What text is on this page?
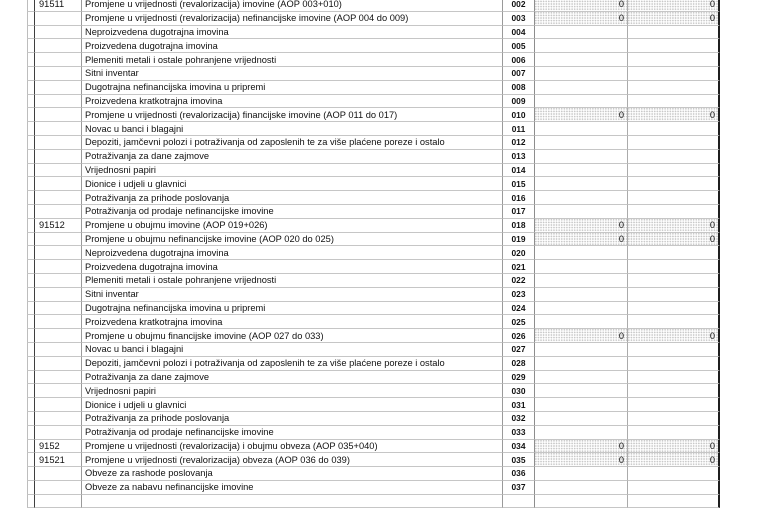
91511	Promjene u vrijednosti (revalorizacija) imovine (AOP 003+010)	002	0	0
Promjene u vrijednosti (revalorizacija) nefinancijske imovine (AOP 004 do 009)	003	0	0
Neproizvedena dugotrajna imovina	004
Proizvedena dugotrajna imovina	005
Plemeniti metali i ostale pohranjene vrijednosti	006
Sitni inventar	007
Dugotrajna nefinancijska imovina u pripremi	008
Proizvedena kratkotrajna imovina	009
Promjene u vrijednosti (revalorizacija) financijske imovine (AOP 011 do 017)	010	0	0
Novac u banci i blagajni	011
Depoziti, jamčevni polozi i potraživanja od zaposlenih te za više plaćene poreze i ostalo	012
Potraživanja za dane zajmove	013
Vrijednosni papiri	014
Dionice i udjeli u glavnici	015
Potraživanja za prihode poslovanja	016
Potraživanja od prodaje nefinancijske imovine	017
91512	Promjene u obujmu imovine (AOP 019+026)	018	0	0
Promjene u obujmu nefinancijske imovine (AOP 020 do 025)	019	0	0
Neproizvedena dugotrajna imovina	020
Proizvedena dugotrajna imovina	021
Plemeniti metali i ostale pohranjene vrijednosti	022
Sitni inventar	023
Dugotrajna nefinancijska imovina u pripremi	024
Proizvedena kratkotrajna imovina	025
Promjene u obujmu financijske imovine (AOP 027 do 033)	026	0	0
Novac u banci i blagajni	027
Depoziti, jamčevni polozi i potraživanja od zaposlenih te za više plaćene poreze i ostalo	028
Potraživanja za dane zajmove	029
Vrijednosni papiri	030
Dionice i udjeli u glavnici	031
Potraživanja za prihode poslovanja	032
Potraživanja od prodaje nefinancijske imovine	033
9152	Promjene u vrijednosti (revalorizacija) i obujmu obveza (AOP 035+040)	034	0	0
91521	Promjene u vrijednosti (revalorizacija) obveza (AOP 036 do 039)	035	0	0
Obveze za rashode poslovanja	036
Obveze za nabavu nefinancijske imovine	037
